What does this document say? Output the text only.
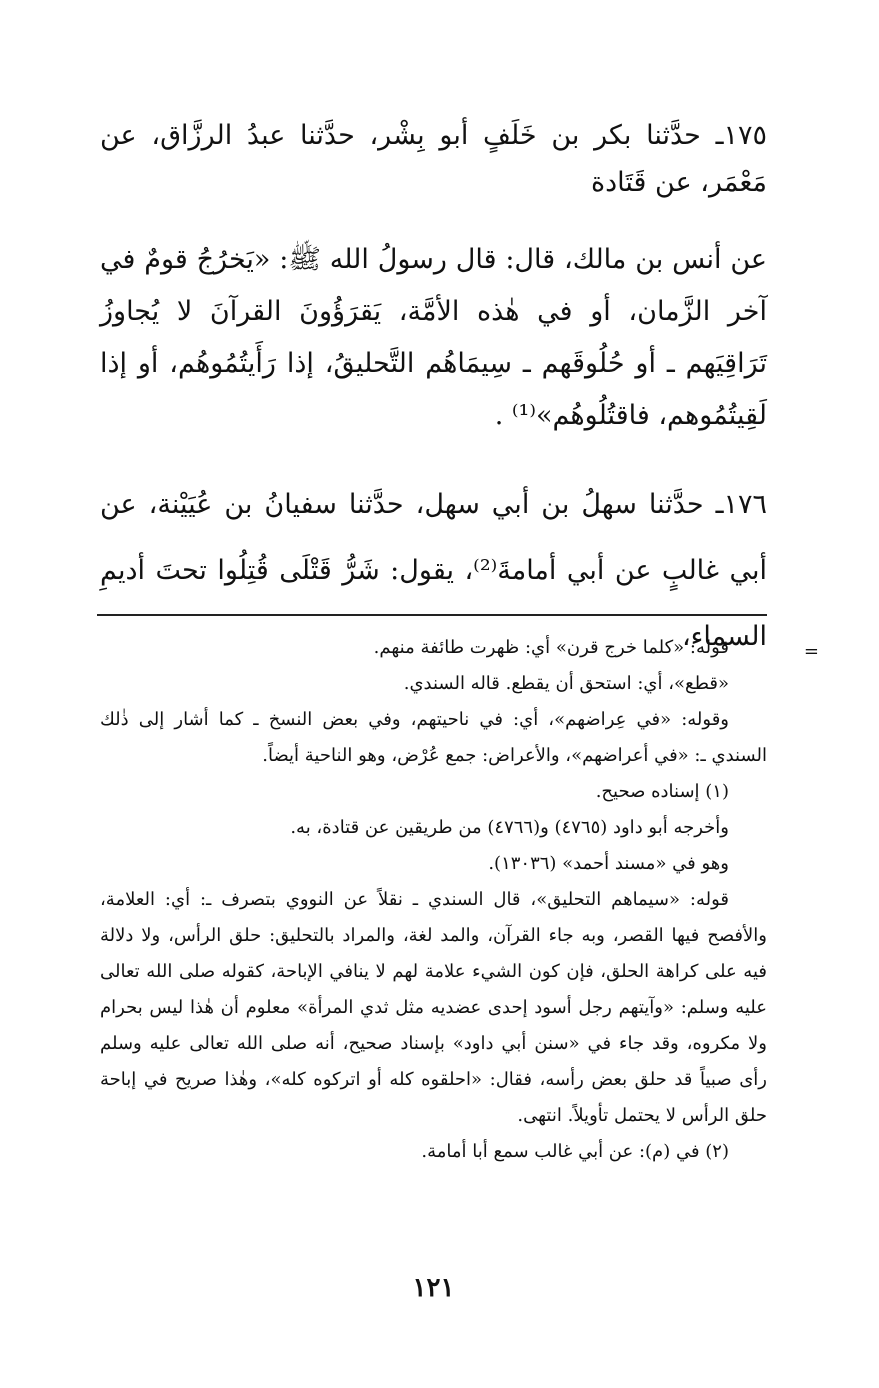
١٧٥ـ حدَّثنا بكر بن خَلَفٍ أبو بِشْر، حدَّثنا عبدُ الرزَّاق، عن مَعْمَر، عن قَتَادة

عن أنس بن مالك، قال: قال رسولُ الله ﷺ: «يَخرُجُ قومٌ في آخر الزَّمان، أو في هٰذه الأمَّة، يَقرَؤُونَ القرآنَ لا يُجاوزُ تَرَاقِيَهم ـ أو حُلُوقَهم ـ سِيمَاهُم التَّحليقُ، إذا رَأَيتُمُوهُم، أو إذا لَقِيتُمُوهم، فاقتُلُوهُم»⁽¹⁾ .

١٧٦ـ حدَّثنا سهلُ بن أبي سهل، حدَّثنا سفيانُ بن عُيَيْنة، عن أبي غالبٍ عن أبي أمامةَ⁽²⁾، يقول: شَرُّ قَتْلَى قُتِلُوا تحتَ أديمِ السماء، =

قوله: «كلما خرج قرن» أي: ظهرت طائفة منهم.

«قطع»، أي: استحق أن يقطع. قاله السندي.

وقوله: «في عِراضهم»، أي: في ناحيتهم، وفي بعض النسخ ـ كما أشار إلى ذٰلك السندي ـ: «في أعراضهم»، والأعراض: جمع عُرْض، وهو الناحية أيضاً.

(١) إسناده صحيح.

وأخرجه أبو داود (٤٧٦٥) و(٤٧٦٦) من طريقين عن قتادة، به.

وهو في «مسند أحمد» (١٣٠٣٦).

قوله: «سيماهم التحليق»، قال السندي ـ نقلاً عن النووي بتصرف ـ: أي: العلامة، والأفصح فيها القصر، وبه جاء القرآن، والمد لغة، والمراد بالتحليق: حلق الرأس، ولا دلالة فيه على كراهة الحلق، فإن كون الشيء علامة لهم لا ينافي الإباحة، كقوله صلى الله تعالى عليه وسلم: «وآيتهم رجل أسود إحدى عضديه مثل ثدي المرأة» معلوم أن هٰذا ليس بحرام ولا مكروه، وقد جاء في «سنن أبي داود» بإسناد صحيح، أنه صلى الله تعالى عليه وسلم رأى صبياً قد حلق بعض رأسه، فقال: «احلقوه كله أو اتركوه كله»، وهٰذا صريح في إباحة حلق الرأس لا يحتمل تأويلاً. انتهى.

(٢) في (م): عن أبي غالب سمع أبا أمامة.

١٢١
